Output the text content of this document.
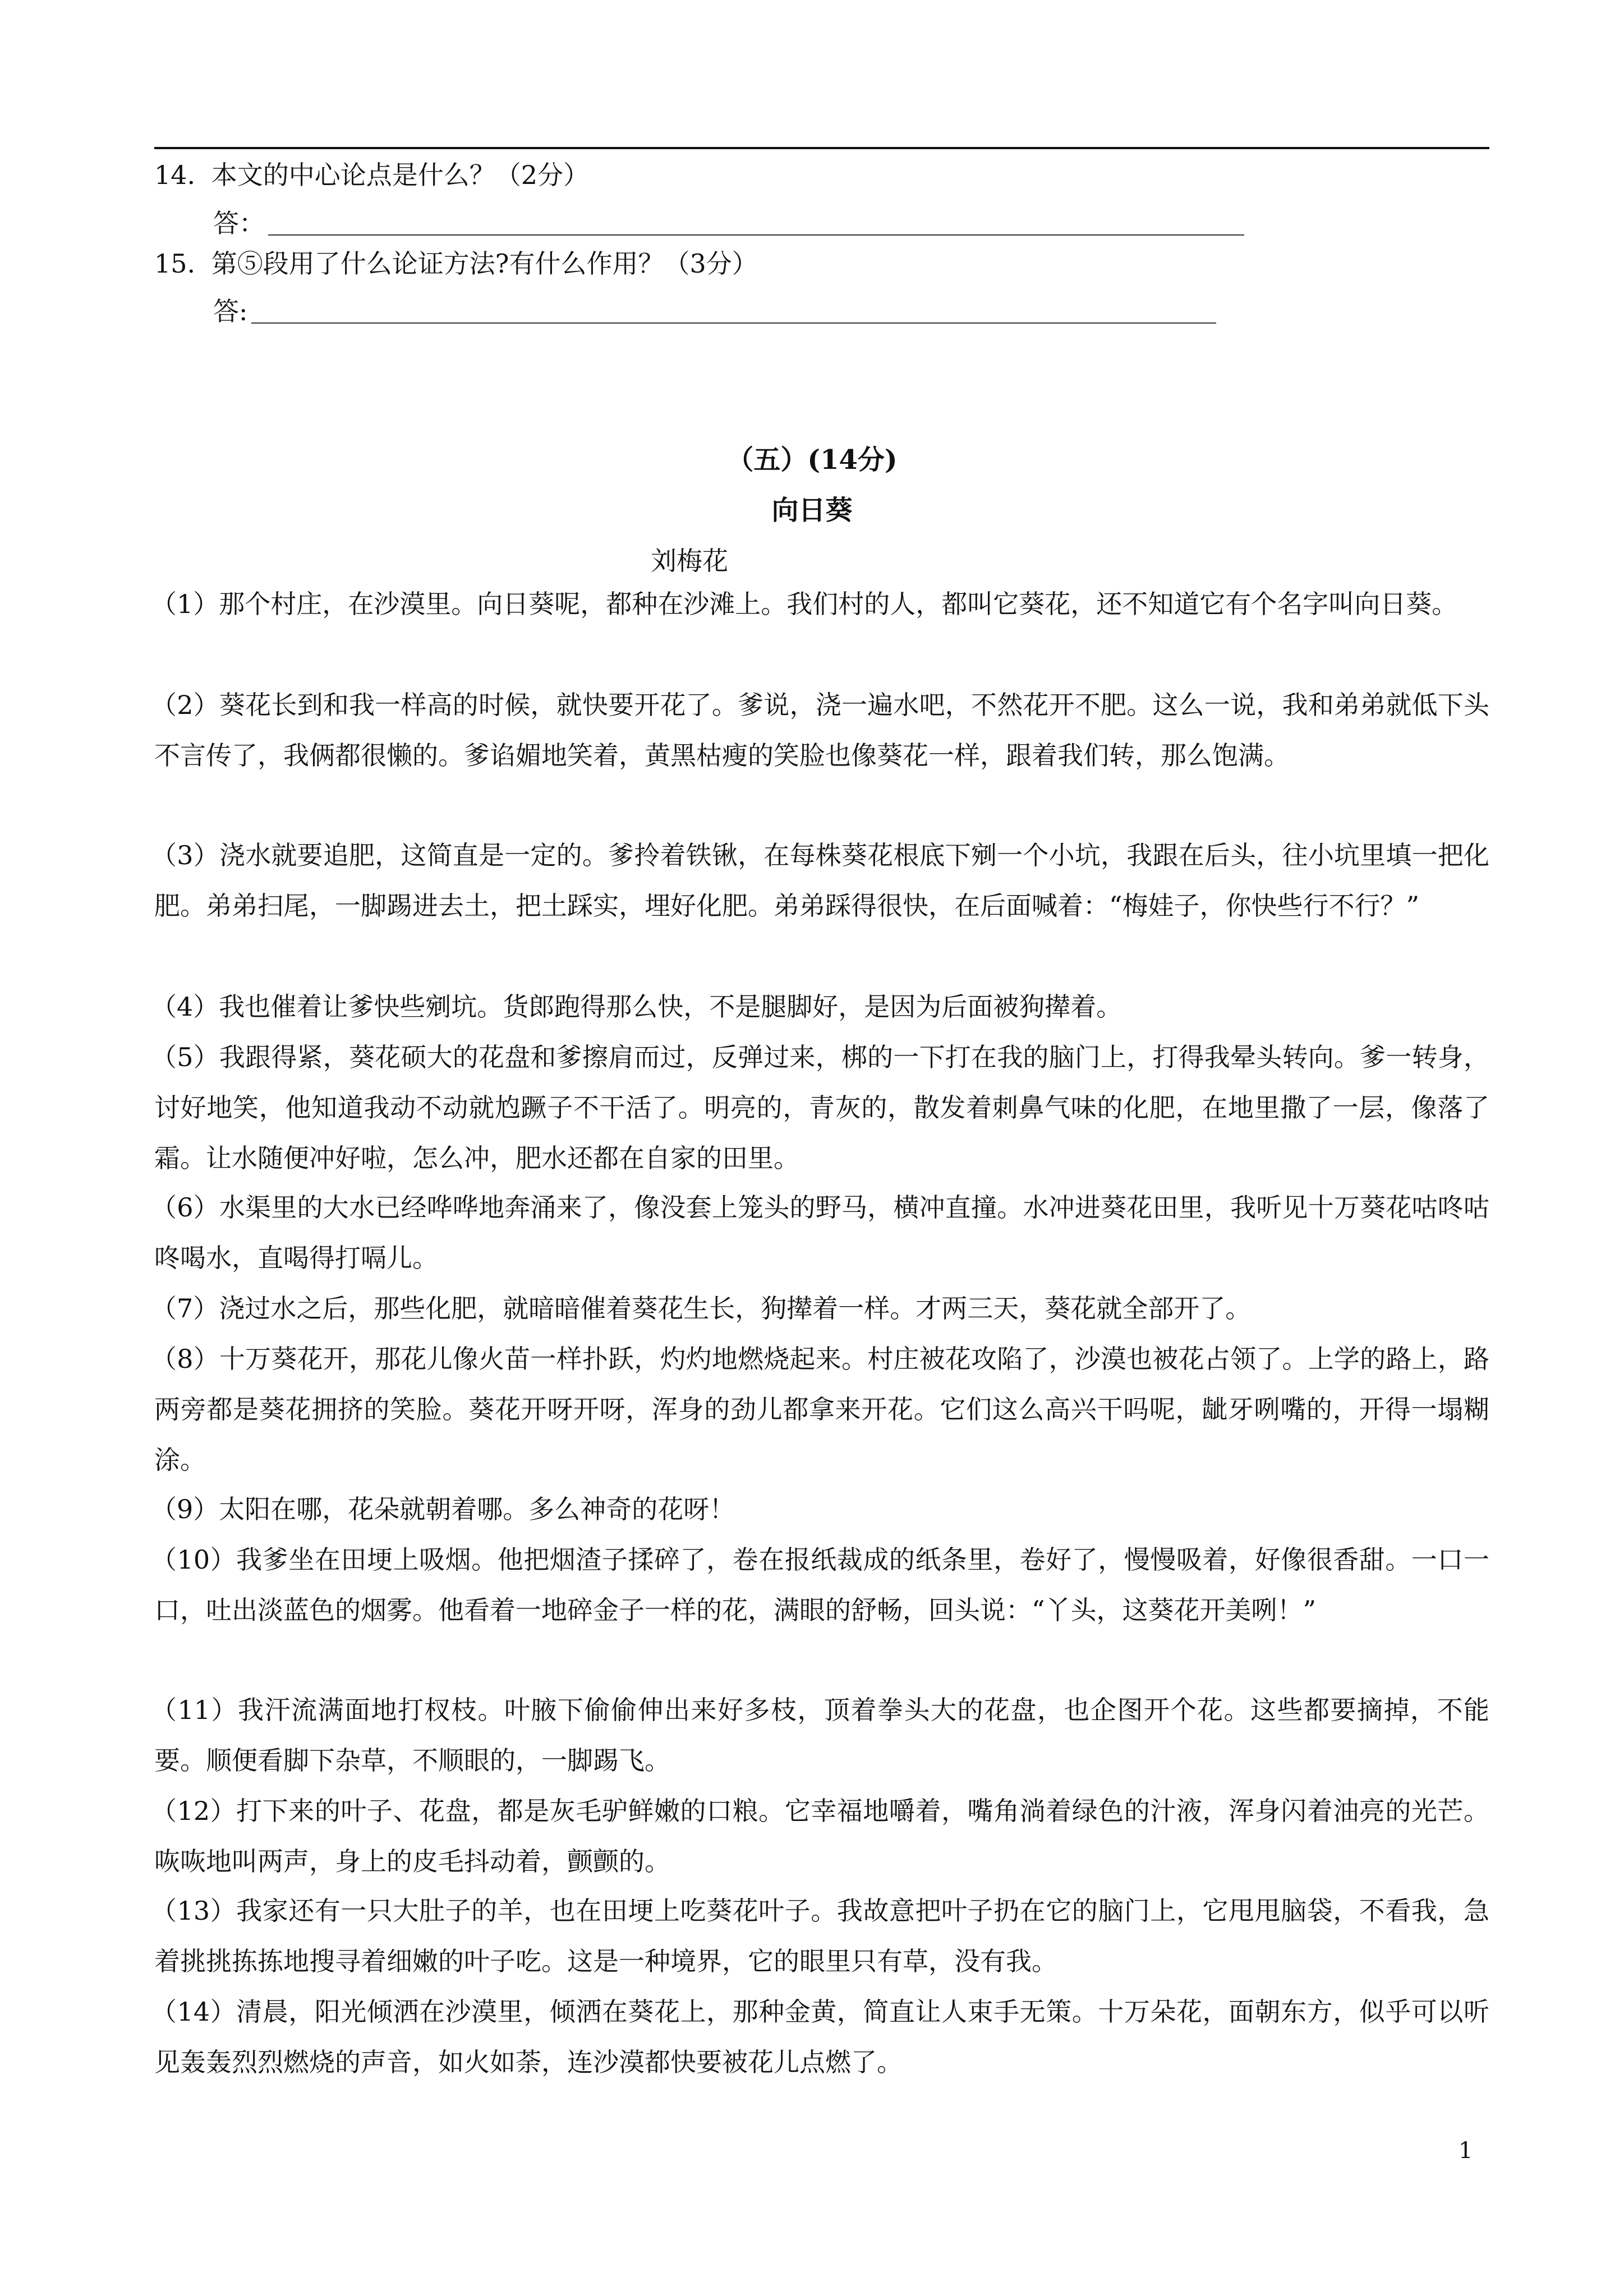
14. 本文的中心论点是什么？（2分）
答：
15. 第⑤段用了什么论证方法?有什么作用？（3分）
答:
（五）(14分)
向日葵
刘梅花

（1）那个村庄，在沙漠里。向日葵呢，都种在沙滩上。我们村的人，都叫它葵花，还不知道它有个名字叫向日葵。

（2）葵花长到和我一样高的时候，就快要开花了。爹说，浇一遍水吧，不然花开不肥。这么一说，我和弟弟就低下头不言传了，我俩都很懒的。爹谄媚地笑着，黄黑枯瘦的笑脸也像葵花一样，跟着我们转，那么饱满。

（3）浇水就要追肥，这简直是一定的。爹拎着铁锹，在每株葵花根底下剜一个小坑，我跟在后头，往小坑里填一把化肥。弟弟扫尾，一脚踢进去土，把土踩实，埋好化肥。弟弟踩得很快，在后面喊着：“梅娃子，你快些行不行？”

（4）我也催着让爹快些剜坑。货郎跑得那么快，不是腿脚好，是因为后面被狗撵着。

（5）我跟得紧，葵花硕大的花盘和爹擦肩而过，反弹过来，梆的一下打在我的脑门上，打得我晕头转向。爹一转身，讨好地笑，他知道我动不动就尥蹶子不干活了。明亮的，青灰的，散发着刺鼻气味的化肥，在地里撒了一层，像落了霜。让水随便冲好啦，怎么冲，肥水还都在自家的田里。

（6）水渠里的大水已经哗哗地奔涌来了，像没套上笼头的野马，横冲直撞。水冲进葵花田里，我听见十万葵花咕咚咕咚喝水，直喝得打嗝儿。

（7）浇过水之后，那些化肥，就暗暗催着葵花生长，狗撵着一样。才两三天，葵花就全部开了。

（8）十万葵花开，那花儿像火苗一样扑跃，灼灼地燃烧起来。村庄被花攻陷了，沙漠也被花占领了。上学的路上，路两旁都是葵花拥挤的笑脸。葵花开呀开呀，浑身的劲儿都拿来开花。它们这么高兴干吗呢，龇牙咧嘴的，开得一塌糊涂。

（9）太阳在哪，花朵就朝着哪。多么神奇的花呀！

（10）我爹坐在田埂上吸烟。他把烟渣子揉碎了，卷在报纸裁成的纸条里，卷好了，慢慢吸着，好像很香甜。一口一口，吐出淡蓝色的烟雾。他看着一地碎金子一样的花，满眼的舒畅，回头说：“丫头，这葵花开美咧！”

（11）我汗流满面地打杈枝。叶腋下偷偷伸出来好多枝，顶着拳头大的花盘，也企图开个花。这些都要摘掉，不能要。顺便看脚下杂草，不顺眼的，一脚踢飞。

（12）打下来的叶子、花盘，都是灰毛驴鲜嫩的口粮。它幸福地嚼着，嘴角淌着绿色的汁液，浑身闪着油亮的光芒。咴咴地叫两声，身上的皮毛抖动着，颤颤的。

（13）我家还有一只大肚子的羊，也在田埂上吃葵花叶子。我故意把叶子扔在它的脑门上，它甩甩脑袋，不看我，急着挑挑拣拣地搜寻着细嫩的叶子吃。这是一种境界，它的眼里只有草，没有我。

（14）清晨，阳光倾洒在沙漠里，倾洒在葵花上，那种金黄，简直让人束手无策。十万朵花，面朝东方，似乎可以听见轰轰烈烈燃烧的声音，如火如荼，连沙漠都快要被花儿点燃了。

1
